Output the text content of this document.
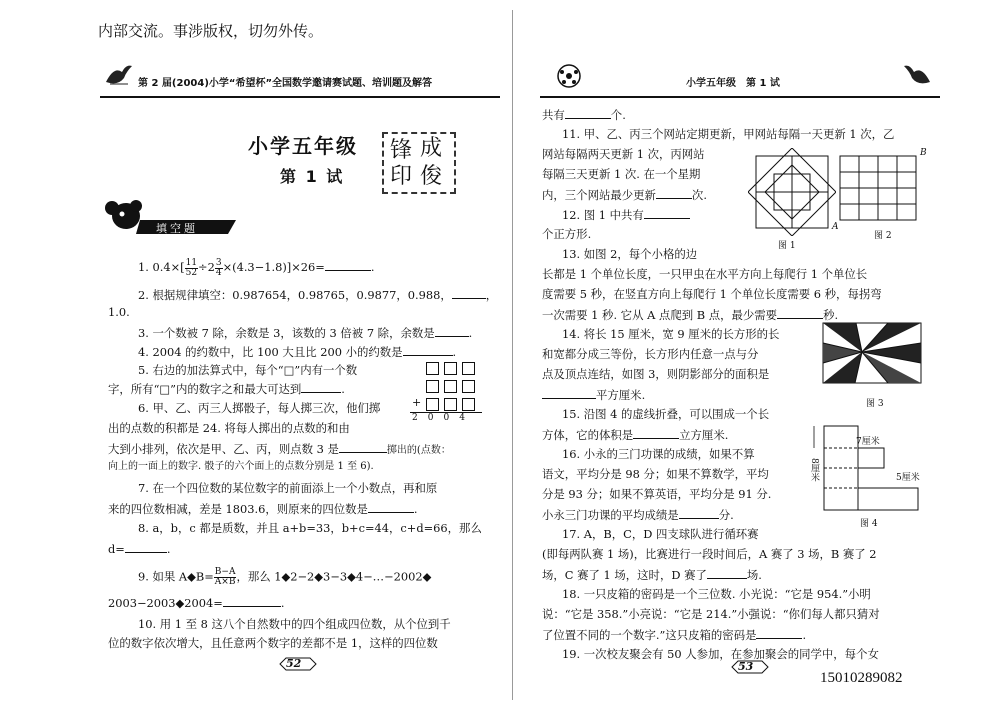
内部交流。事涉版权，切勿外传。
第 2 届(2004)小学“希望杯”全国数学邀请赛试题、培训题及解答
小学五年级
第 1 试
锋 成
印 俊
填空题
1. $0.4\times[ \frac{11}{52} \div 2 \frac{3}{4} \times(4.3-1.8)]\times 26=$	.
2. 根据规律填空：0.987654，0.98765，0.9877，0.988，	，
1.0.
3. 一个数被 7 除，余数是 3，该数的 3 倍被 7 除，余数是	.
4. 2004 的约数中，比 100 大且比 200 小的约数是	.
5. 右边的加法算式中，每个“□”内有一个数
字，所有“□”内的数字之和最大可达到	.
+
2004
6. 甲、乙、丙三人掷骰子，每人掷三次，他们掷
出的点数的积都是 24. 将每人掷出的点数的和由
大到小排列，依次是甲、乙、丙，则点数 3 是	掷出的(点数：
向上的一面上的数字. 骰子的六个面上的点数分别是 1 至 6).
7. 在一个四位数的某位数字的前面添上一个小数点，再和原
来的四位数相减，差是 1803.6，则原来的四位数是	.
8. a，b，c 都是质数，并且 a+b=33，b+c=44，c+d=66，那么
d=	.
9. 如果 A◆B= $\frac{B-A}{A\times B}$ ，那么 1◆2−2◆3−3◆4−…−2002◆
2003−2003◆2004=	.
10. 用 1 至 8 这八个自然数中的四个组成四位数，从个位到千
位的数字依次增大，且任意两个数字的差都不是 1，这样的四位数
52
小学五年级　第 1 试
共有	个.
11. 甲、乙、丙三个网站定期更新，甲网站每隔一天更新 1 次，乙
网站每隔两天更新 1 次，丙网站
每隔三天更新 1 次. 在一个星期
内，三个网站最少更新	次.
12. 图 1 中共有
个正方形.
13. 如图 2，每个小格的边
长都是 1 个单位长度，一只甲虫在水平方向上每爬行 1 个单位长
度需要 5 秒，在竖直方向上每爬行 1 个单位长度需要 6 秒，每拐弯
一次需要 1 秒. 它从 A 点爬到 B 点，最少需要	秒.
图 1
B
A
图 2
14. 将长 15 厘米，宽 9 厘米的长方形的长
和宽都分成三等份，长方形内任意一点与分
点及顶点连结，如图 3，则阴影部分的面积是
平方厘米.
图 3
15. 沿图 4 的虚线折叠，可以围成一个长
方体，它的体积是	立方厘米.
16. 小永的三门功课的成绩，如果不算
语文，平均分是 98 分；如果不算数学，平均
分是 93 分；如果不算英语，平均分是 91 分.
小永三门功课的平均成绩是	分.
7厘米
8厘米	5厘米
图 4
17. A，B，C，D 四支球队进行循环赛
(即每两队赛 1 场)，比赛进行一段时间后，A 赛了 3 场，B 赛了 2
场，C 赛了 1 场，这时，D 赛了	场.
18. 一只皮箱的密码是一个三位数. 小光说：“它是 954.”小明
说：“它是 358.”小亮说：“它是 214.”小强说：“你们每人都只猜对
了位置不同的一个数字.”这只皮箱的密码是	.
19. 一次校友聚会有 50 人参加，在参加聚会的同学中，每个女
53
15010289082
